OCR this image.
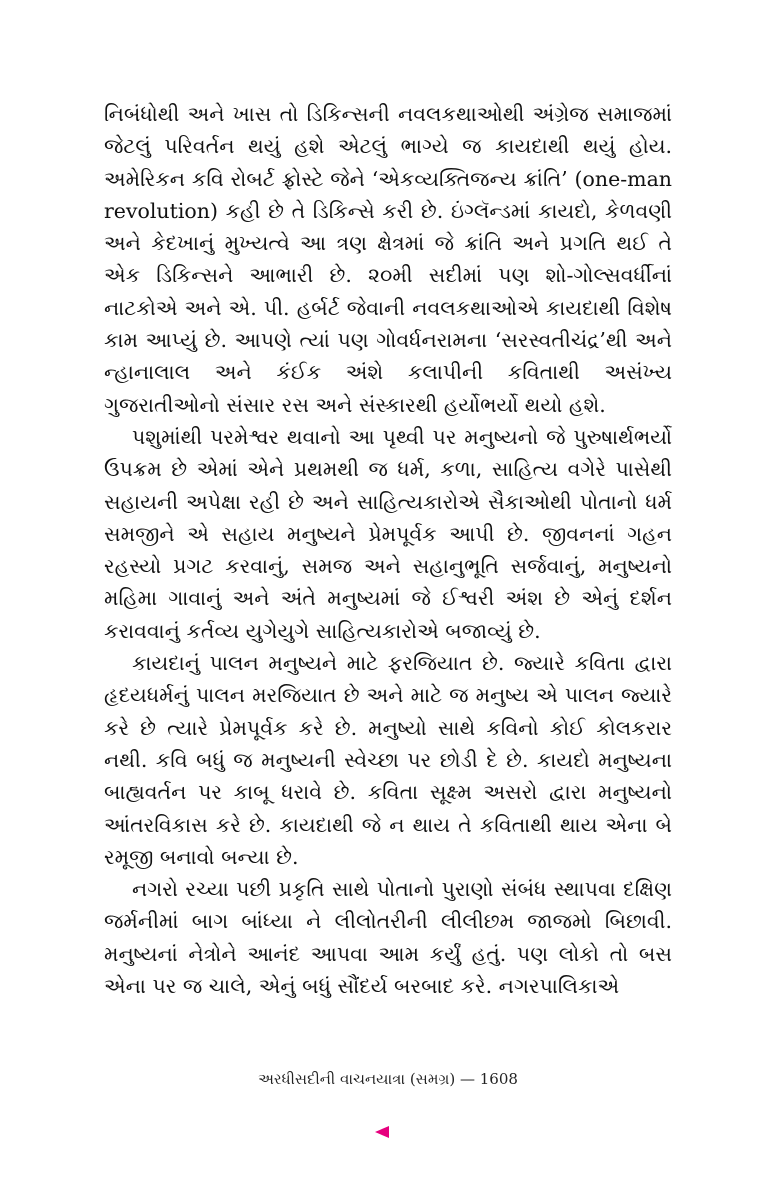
નિબંધોથી અને ખાસ તો ડિકિન્સની નવલકથાઓથી અંગ્રેજ સમાજમાં જેટલું પરિવર્તન થયું હશે એટલું ભાગ્યે જ કાયદાથી થયું હોય. અમેરિકન કવિ રોબર્ટ ફ્રોસ્ટે જેને ‘એકવ્યક્તિજન્ય ક્રાંતિ’ (one-man revolution) કહી છે તે ડિકિન્સે કરી છે. ઇંગ્લૅન્ડમાં કાયદો, કેળવણી અને કેદખાનું મુખ્યત્વે આ ત્રણ ક્ષેત્રમાં જે ક્રાંતિ અને પ્રગતિ થઈ તે એક ડિકિન્સને આભારી છે. ૨૦મી સદીમાં પણ શો-ગોલ્સવર્ધીનાં નાટકોએ અને એ. પી. હર્બર્ટ જેવાની નવલકથાઓએ કાયદાથી વિશેષ કામ આપ્યું છે. આપણે ત્યાં પણ ગોવર્ધનરામના ‘સરસ્વતીચંદ્ર’થી અને ન્હાનાલાલ અને કંઈક અંશે કલાપીની કવિતાથી અસંખ્ય ગુજરાતીઓનો સંસાર રસ અને સંસ્કારથી હર્યોભર્યો થયો હશે.

પશુમાંથી પરમેશ્વર થવાનો આ પૃથ્વી પર મનુષ્યનો જે પુરુષાર્થભર્યો ઉપક્રમ છે એમાં એને પ્રથમથી જ ધર્મ, કળા, સાહિત્ય વગેરે પાસેથી સહાયની અપેક્ષા રહી છે અને સાહિત્યકારોએ સૈકાઓથી પોતાનો ધર્મ સમજીને એ સહાય મનુષ્યને પ્રેમપૂર્વક આપી છે. જીવનનાં ગહન રહસ્યો પ્રગટ કરવાનું, સમજ અને સહાનુભૂતિ સર્જવાનું, મનુષ્યનો મહિમા ગાવાનું અને અંતે મનુષ્યમાં જે ઈશ્વરી અંશ છે એનું દર્શન કરાવવાનું કર્તવ્ય યુગેયુગે સાહિત્યકારોએ બજાવ્યું છે.

કાયદાનું પાલન મનુષ્યને માટે ફરજિયાત છે. જ્યારે કવિતા દ્વારા હૃદયધર્મનું પાલન મરજિયાત છે અને માટે જ મનુષ્ય એ પાલન જ્યારે કરે છે ત્યારે પ્રેમપૂર્વક કરે છે. મનુષ્યો સાથે કવિનો કોઈ કોલકરાર નથી. કવિ બધું જ મનુષ્યની સ્વેચ્છા પર છોડી દે છે. કાયદો મનુષ્યના બાહ્યવર્તન પર કાબૂ ધરાવે છે. કવિતા સૂક્ષ્મ અસરો દ્વારા મનુષ્યનો આંતરવિકાસ કરે છે. કાયદાથી જે ન થાય તે કવિતાથી થાય એના બે રમૂજી બનાવો બન્યા છે.

નગરો રચ્યા પછી પ્રકૃતિ સાથે પોતાનો પુરાણો સંબંધ સ્થાપવા દક્ષિણ જર્મનીમાં બાગ બાંધ્યા ને લીલોતરીની લીલીછમ જાજમો બિછાવી. મનુષ્યનાં નેત્રોને આનંદ આપવા આમ કર્યું હતું. પણ લોકો તો બસ એના પર જ ચાલે, એનું બધું સૌંદર્ય બરબાદ કરે. નગરપાલિકાએ

અરધીસદીની વાચનયાત્રા (સમગ્ર) — 1608
